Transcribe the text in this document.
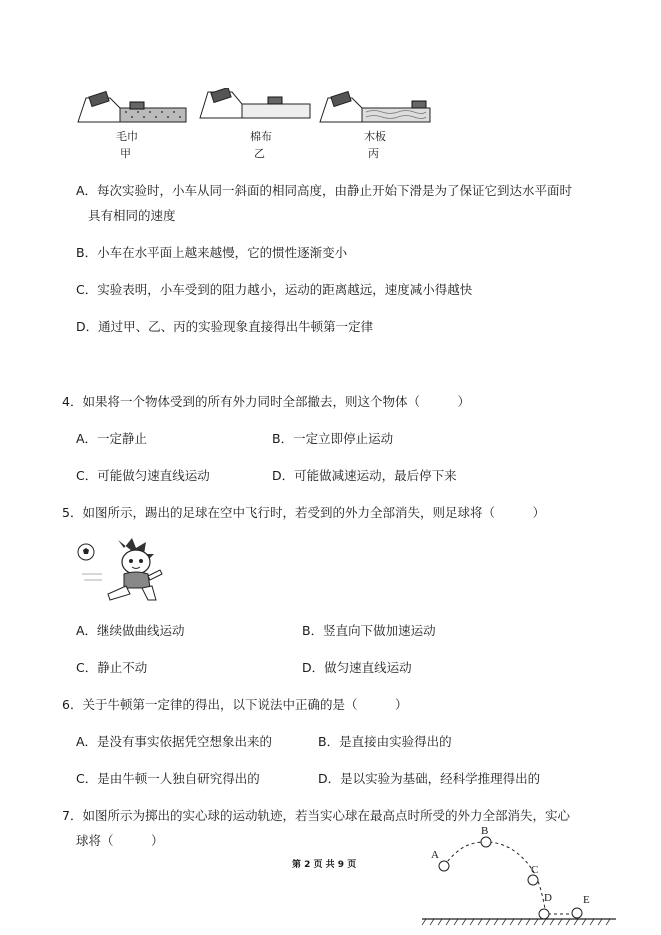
毛巾
甲
棉布
乙
木板
丙
A．每次实验时，小车从同一斜面的相同高度，由静止开始下滑是为了保证它到达水平面时
具有相同的速度
B．小车在水平面上越来越慢，它的惯性逐渐变小
C．实验表明，小车受到的阻力越小，运动的距离越远，速度减小得越快
D．通过甲、乙、丙的实验现象直接得出牛顿第一定律
4．如果将一个物体受到的所有外力同时全部撤去，则这个物体（　　　）
A．一定静止	B．一定立即停止运动
C．可能做匀速直线运动	D．可能做减速运动，最后停下来
5．如图所示，踢出的足球在空中飞行时，若受到的外力全部消失，则足球将（　　　）
A．继续做曲线运动	B．竖直向下做加速运动
C．静止不动	D．做匀速直线运动
6．关于牛顿第一定律的得出，以下说法中正确的是（　　　）
A．是没有事实依据凭空想象出来的	B．是直接由实验得出的
C．是由牛顿一人独自研究得出的	D．是以实验为基础，经科学推理得出的
7．如图所示为掷出的实心球的运动轨迹，若当实心球在最高点时所受的外力全部消失，实心
球将（　　　）
A
B
C
D	E
第 2 页 共 9 页
